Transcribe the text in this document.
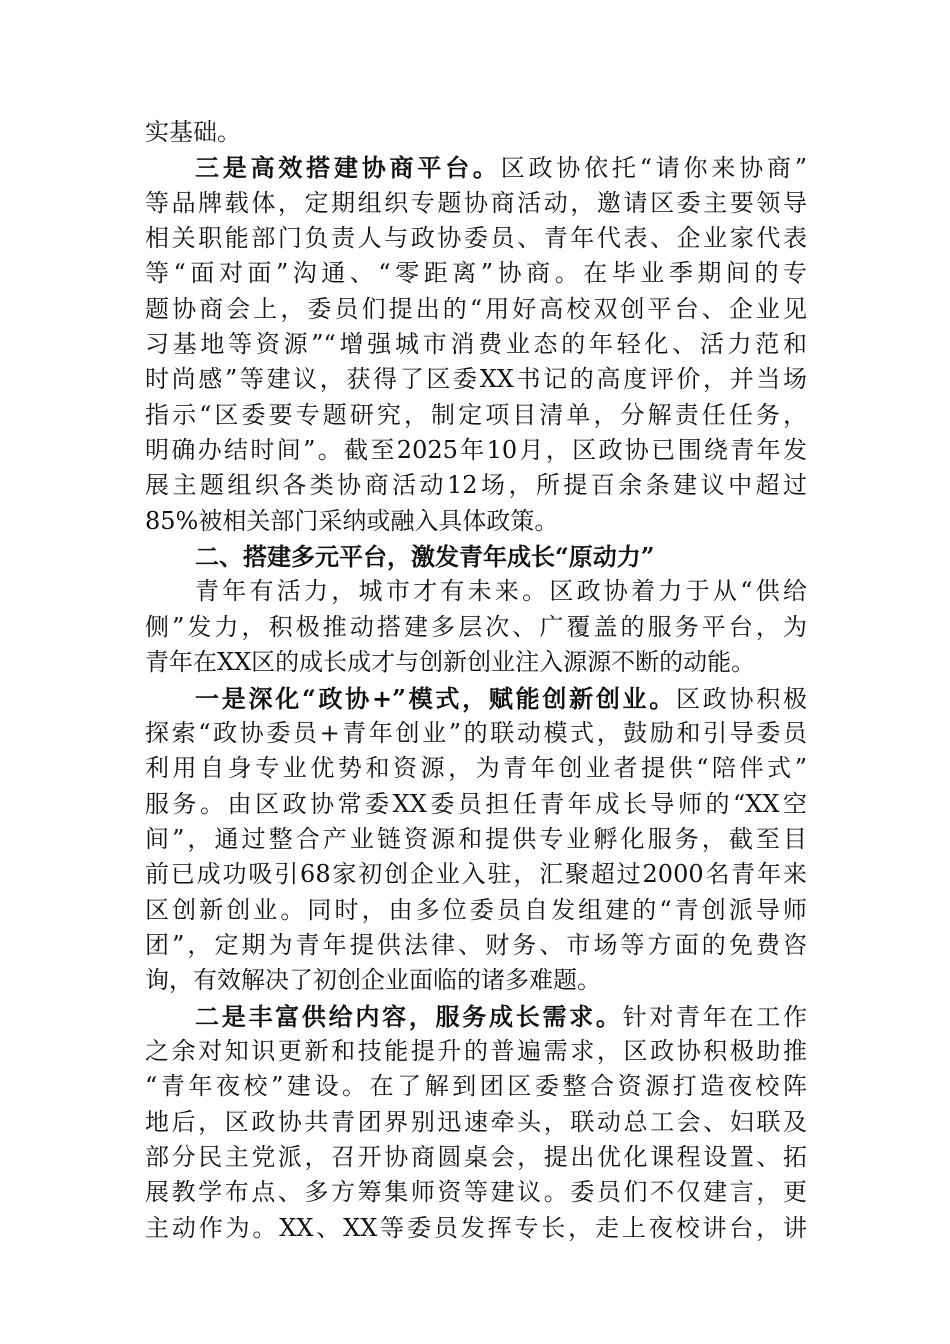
实基础。
三是高效搭建协商平台。区政协依托“请你来协商”
等品牌载体，定期组织专题协商活动，邀请区委主要领导
相关职能部门负责人与政协委员、青年代表、企业家代表
等“面对面”沟通、“零距离”协商。在毕业季期间的专
题协商会上，委员们提出的“用好高校双创平台、企业见
习基地等资源”“增强城市消费业态的年轻化、活力范和
时尚感”等建议，获得了区委XX书记的高度评价，并当场
指示“区委要专题研究，制定项目清单，分解责任任务，
明确办结时间”。截至2025年10月，区政协已围绕青年发
展主题组织各类协商活动12场，所提百余条建议中超过
85%被相关部门采纳或融入具体政策。
二、搭建多元平台，激发青年成长“原动力”
青年有活力，城市才有未来。区政协着力于从“供给
侧”发力，积极推动搭建多层次、广覆盖的服务平台，为
青年在XX区的成长成才与创新创业注入源源不断的动能。
一是深化“政协+”模式，赋能创新创业。区政协积极
探索“政协委员+青年创业”的联动模式，鼓励和引导委员
利用自身专业优势和资源，为青年创业者提供“陪伴式”
服务。由区政协常委XX委员担任青年成长导师的“XX空
间”，通过整合产业链资源和提供专业孵化服务，截至目
前已成功吸引68家初创企业入驻，汇聚超过2000名青年来
区创新创业。同时，由多位委员自发组建的“青创派导师
团”，定期为青年提供法律、财务、市场等方面的免费咨
询，有效解决了初创企业面临的诸多难题。
二是丰富供给内容，服务成长需求。针对青年在工作
之余对知识更新和技能提升的普遍需求，区政协积极助推
“青年夜校”建设。在了解到团区委整合资源打造夜校阵
地后，区政协共青团界别迅速牵头，联动总工会、妇联及
部分民主党派，召开协商圆桌会，提出优化课程设置、拓
展教学布点、多方筹集师资等建议。委员们不仅建言，更
主动作为。XX、XX等委员发挥专长，走上夜校讲台，讲
